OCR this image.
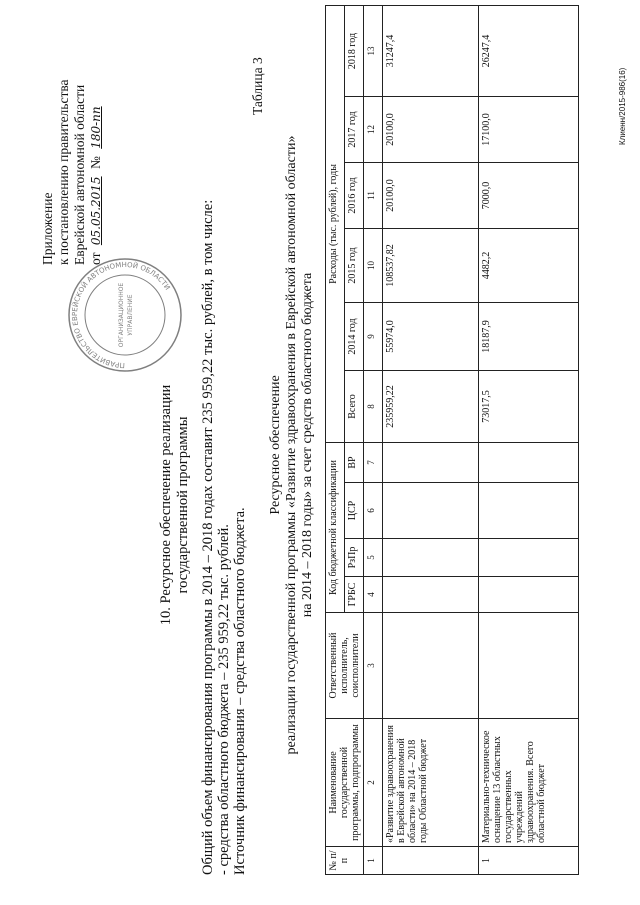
Приложение к постановлению правительства Еврейской автономной области от 05.05.2015 № 180-пп
ПРАВИТЕЛЬСТВО ЕВРЕЙСКОЙ АВТОНОМНОЙ ОБЛАСТИ
ОРГАНИЗАЦИОННОЕ УПРАВЛЕНИЕ
10. Ресурсное обеспечение реализации государственной программы Общий объем финансирования программы в 2014 – 2018 годах составит 235 959,22 тыс. рублей, в том числе: - средства областного бюджета – 235 959,22 тыс. рублей. Источник финансирования – средства областного бюджета.
Таблица 3
Ресурсное обеспечение реализации государственной программы «Развитие здравоохранения в Еврейской автономной области» на 2014 – 2018 годы» за счет средств областного бюджета
№ п/п	Наименование государственной программы, подпрограммы	Ответственный исполнитель, соисполнители	Код бюджетной классификации				Расходы (тыс. рублей), годы					
			ГРБС	РзПр	ЦСР	ВР	Всего	2014 год	2015 год	2016 год	2017 год	2018 год
1	2	3	4	5	6	7	8	9	10	11	12	13
	«Развитие здравоохранения в Еврейской автономной области» на 2014 – 2018 годы Областной бюджет						235959,22	55974,0	108537,82	20100,0	20100,0	31247,4
1	Материально-техническое оснащение 13 областных государственных учреждений здравоохранения. Всего областной бюджет						73017,5	18187,9	4482,2	7000,0	17100,0	26247,4
Клиенн/2015-986(16)
